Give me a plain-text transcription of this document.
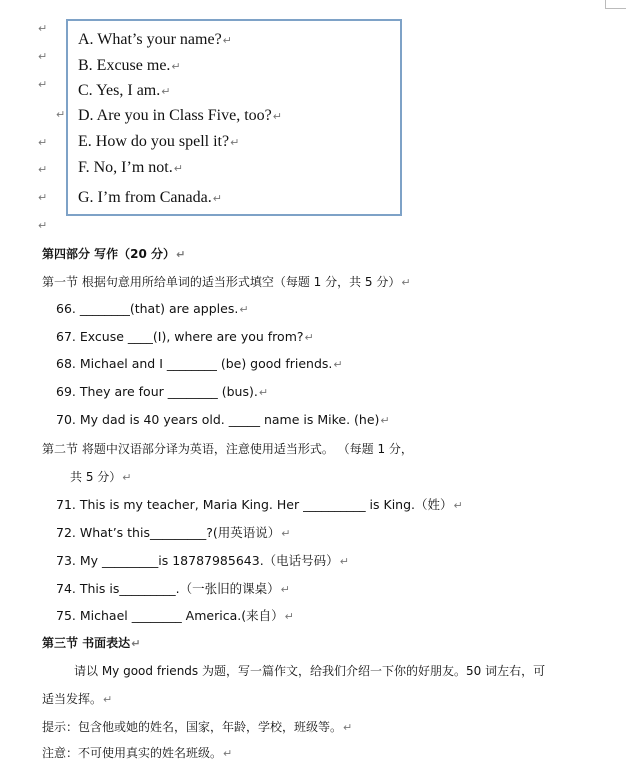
↵
↵
↵
↵
↵
↵
↵
↵
A. What’s your name?↵
B. Excuse me.↵
C. Yes, I am.↵
D. Are you in Class Five, too?↵
E. How do you spell it?↵
F. No, I’m not.↵
G. I’m from Canada.↵
第四部分 写作（20 分）↵
第一节 根据句意用所给单词的适当形式填空（每题 1 分，共 5 分）↵
66. ________(that) are apples.↵
67. Excuse ____(I), where are you from?↵
68. Michael and I ________ (be) good friends.↵
69. They are four ________ (bus).↵
70. My dad is 40 years old. _____ name is Mike. (he)↵
第二节 将题中汉语部分译为英语，注意使用适当形式。 （每题 1 分，
共 5 分）↵
71. This is my teacher, Maria King. Her __________ is King.（姓）↵
72. What’s this_________?(用英语说）↵
73. My _________is 18787985643.（电话号码）↵
74. This is_________.（一张旧的课桌）↵
75. Michael ________ America.(来自）↵
第三节 书面表达↵
请以 My good friends 为题，写一篇作文，给我们介绍一下你的好朋友。50 词左右，可
适当发挥。↵
提示：包含他或她的姓名，国家，年龄，学校，班级等。↵
注意：不可使用真实的姓名班级。↵
